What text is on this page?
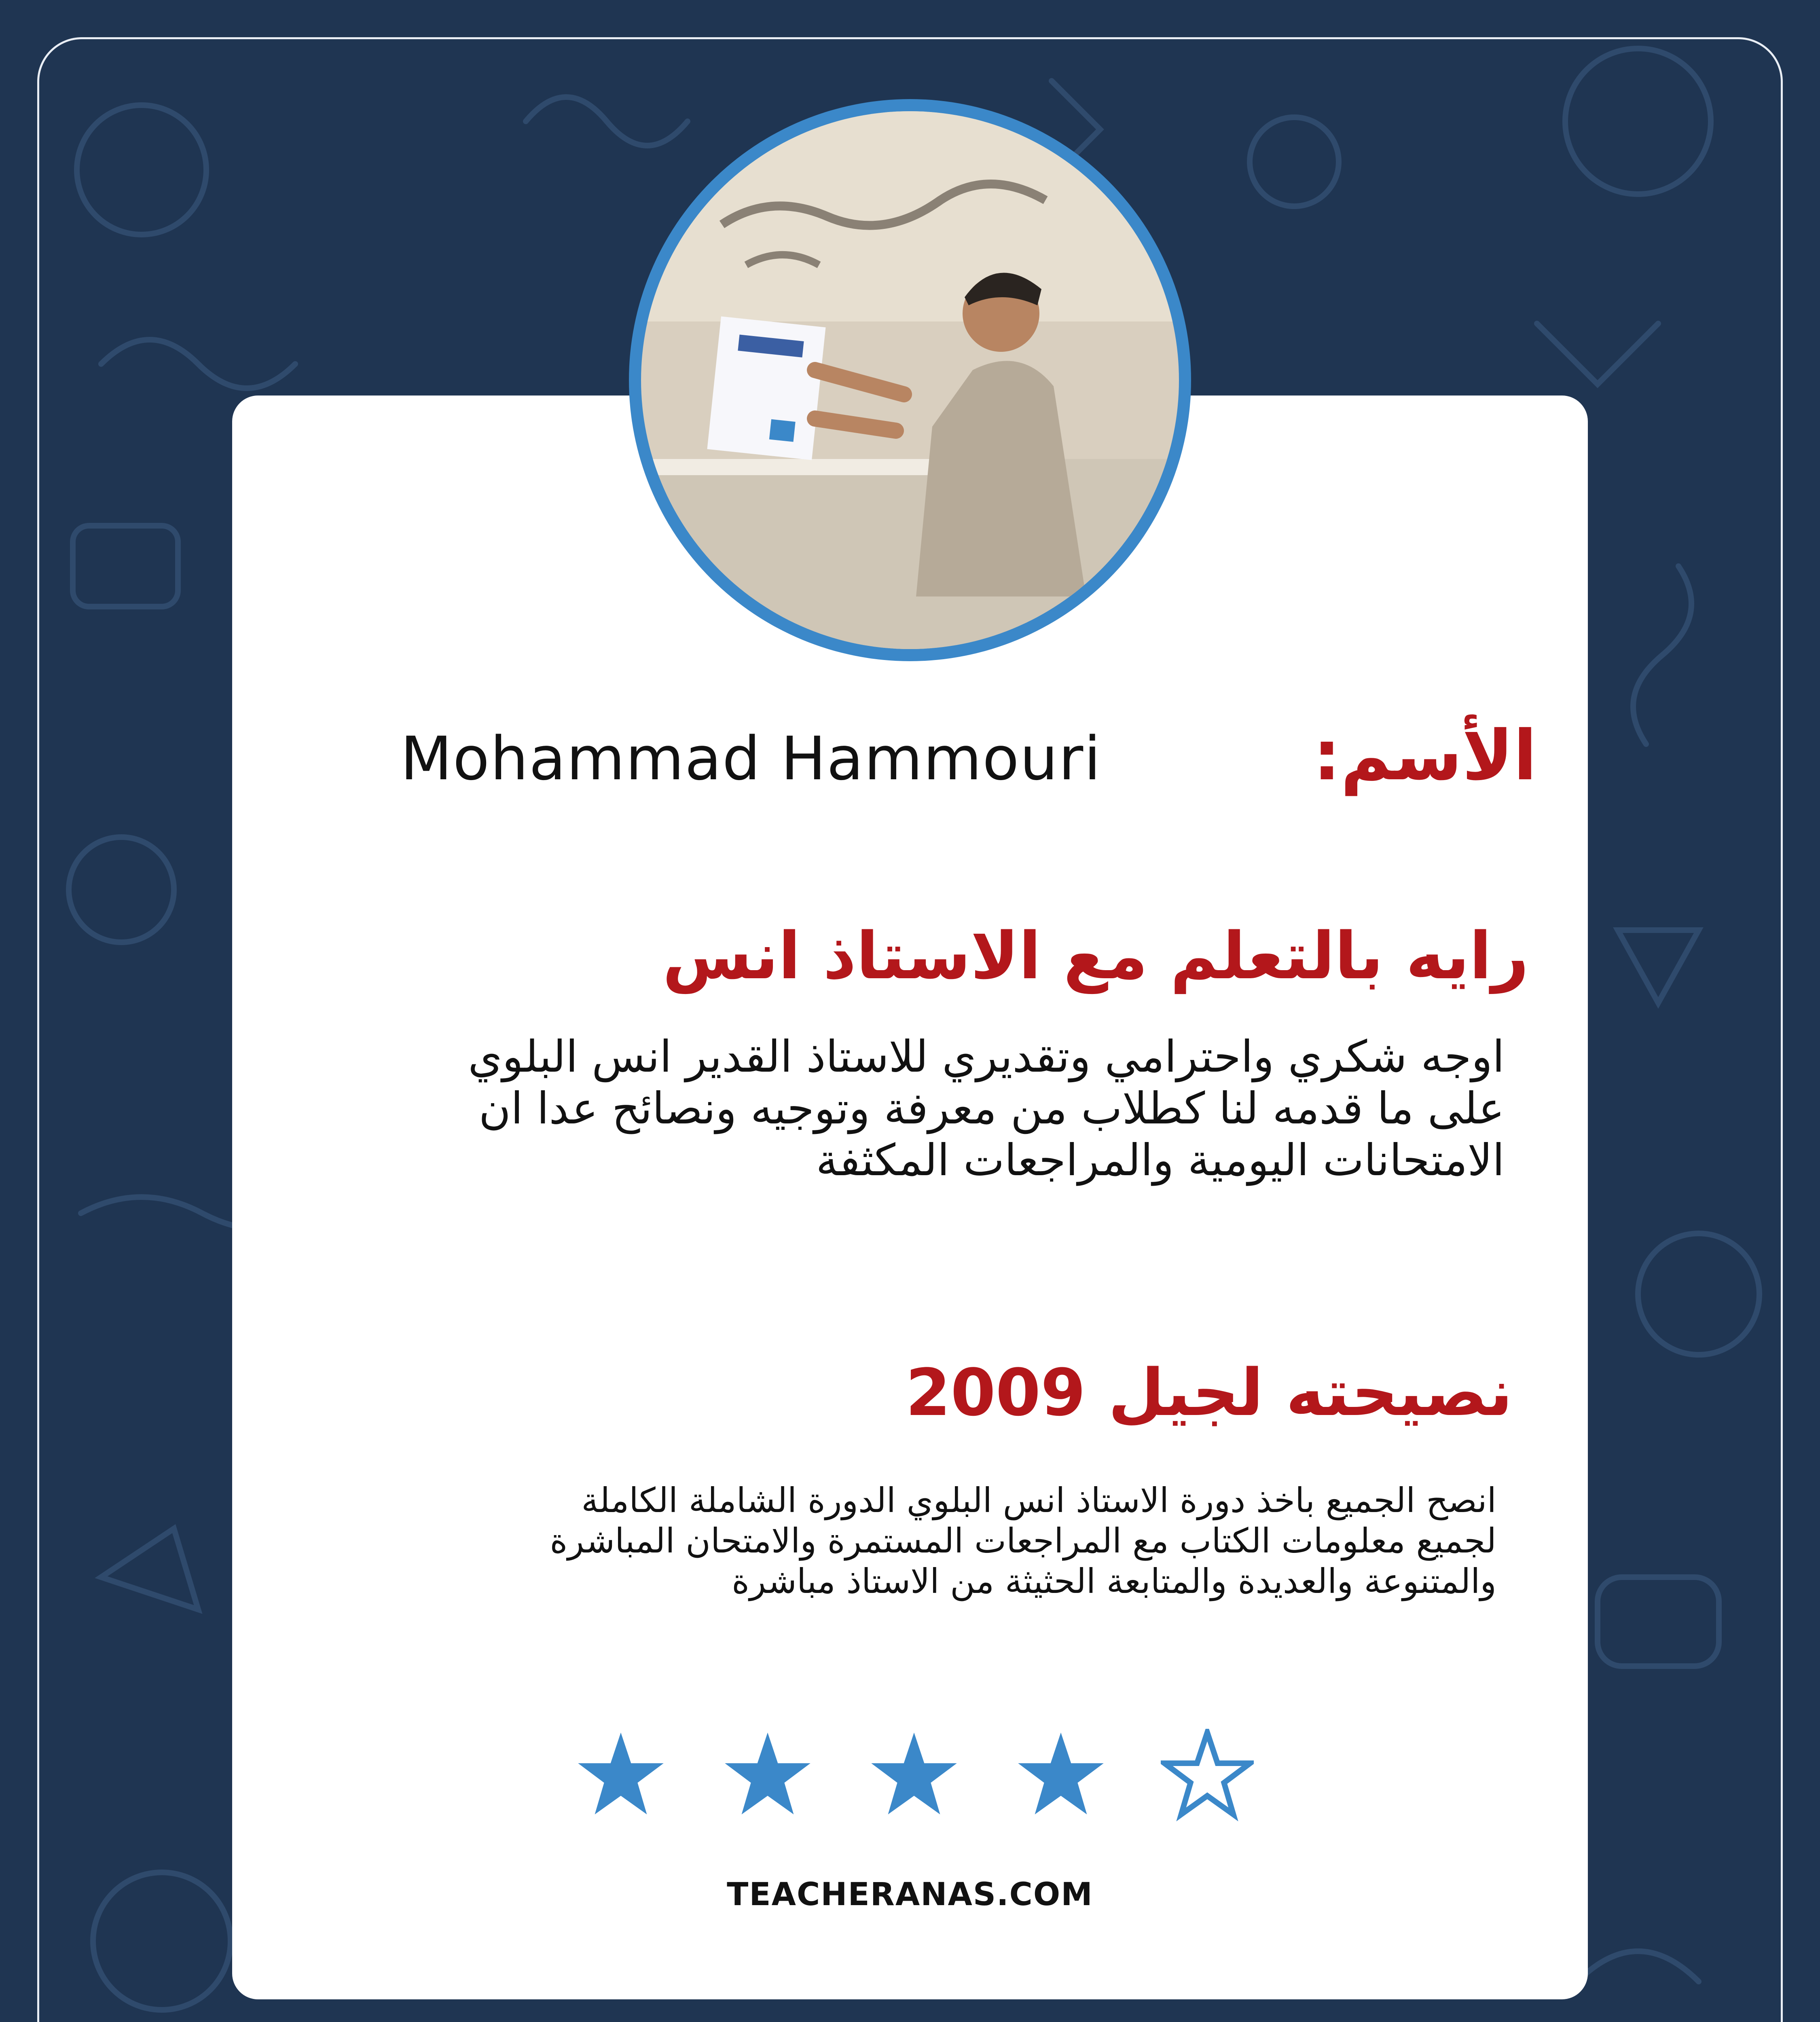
الأسم:
Mohammad Hammouri
رايه بالتعلم مع الاستاذ انس
اوجه شكري واحترامي وتقديري للاستاذ القدير انس البلوي
على ما قدمه لنا كطلاب من معرفة وتوجيه ونصائح عدا ان
الامتحانات اليومية والمراجعات المكثفة
نصيحته لجيل 2009
انصح الجميع باخذ دورة الاستاذ انس البلوي الدورة الشاملة الكاملة
لجميع معلومات الكتاب مع المراجعات المستمرة والامتحان المباشرة
والمتنوعة والعديدة والمتابعة الحثيثة من الاستاذ مباشرة
TEACHERANAS.COM
